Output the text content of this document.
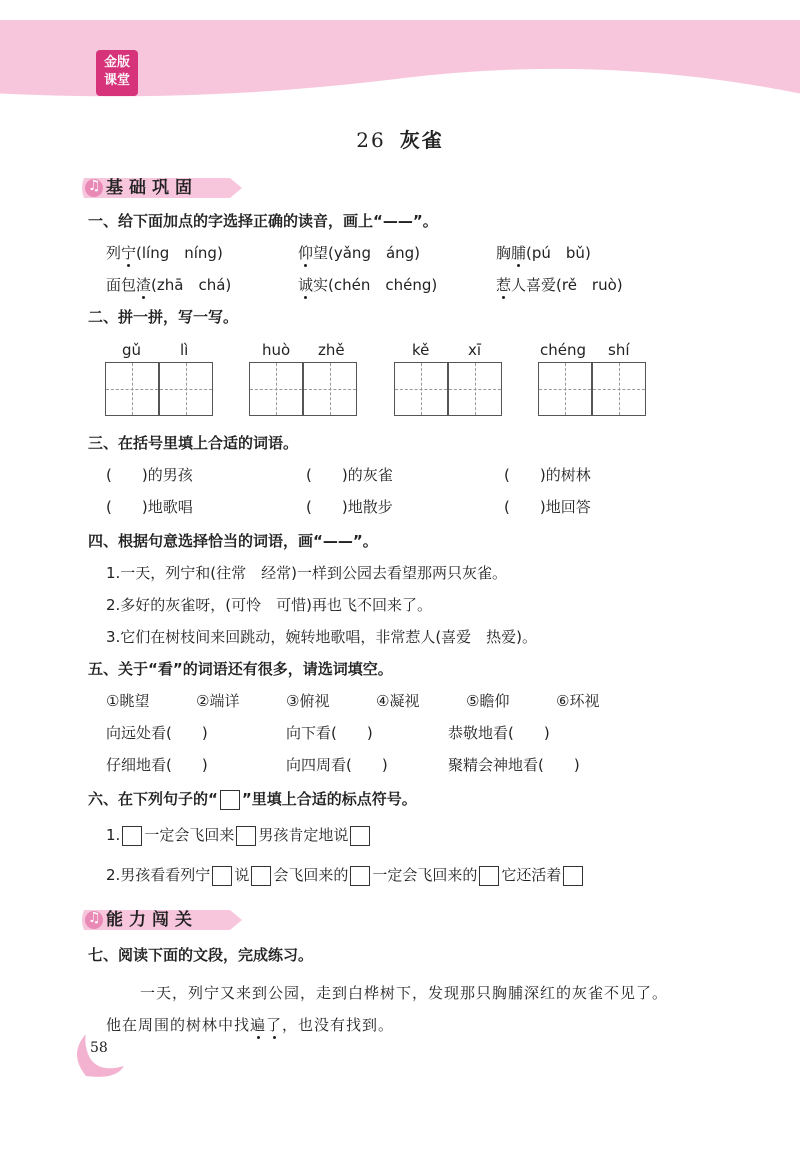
金版
课堂
26 灰雀
♫ 基础巩固
一、给下面加点的字选择正确的读音，画上“——”。
列宁(líng　níng)	仰望(yǎng　áng)	胸脯(pú　bǔ)
面包渣(zhā　chá)	诚实(chén　chéng)	惹人喜爱(rě　ruò)
二、拼一拼，写一写。
gǔ	lì	huò zhě	kě	xī	chéng shí
三、在括号里填上合适的词语。
(　　)的男孩	(　　)的灰雀	(　　)的树林
(　　)地歌唱	(　　)地散步	(　　)地回答
四、根据句意选择恰当的词语，画“——”。
1.一天，列宁和(往常　经常)一样到公园去看望那两只灰雀。
2.多好的灰雀呀，(可怜　可惜)再也飞不回来了。
3.它们在树枝间来回跳动，婉转地歌唱，非常惹人(喜爱　热爱)。
五、关于“看”的词语还有很多，请选词填空。
①眺望	②端详	③俯视	④凝视	⑤瞻仰	⑥环视
向远处看(　　)	向下看(　　)	恭敬地看(　　)
仔细地看(　　)	向四周看(　　)	聚精会神地看(　　)
六、在下列句子的“ ”里填上合适的标点符号。
1. 一定会飞回来 男孩肯定地说
2.男孩看看列宁 说 会飞回来的 一定会飞回来的 它还活着
♫ 能力闯关
七、阅读下面的文段，完成练习。
一天，列宁又来到公园，走到白桦树下，发现那只胸脯深红的灰雀不见了。
他在周围的树林中找遍了，也没有找到。
58
